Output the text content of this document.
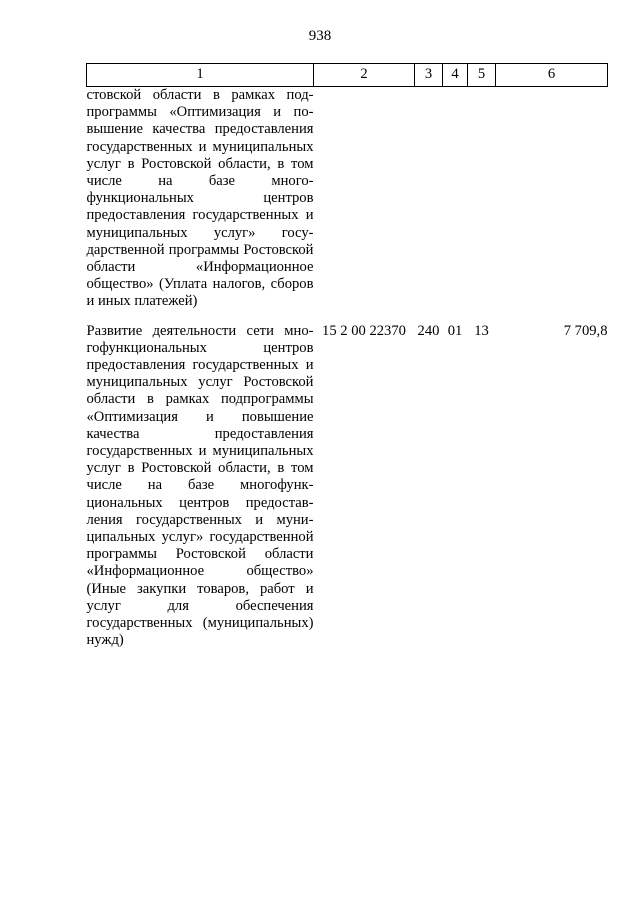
938
1	2	3	4	5	6
стовской области в рамках подпрограммы «Оптимизация и повышение качества предоставления государственных и муниципальных услуг в Ростовской области, в том числе на базе многофункциональных центров предоставления государственных и муниципальных услуг» государственной программы Ростовской области «Информационное общество» (Уплата налогов, сборов и иных платежей)					
Развитие деятельности сети многофункциональных центров предоставления государственных и муниципальных услуг Ростовской области в рамках подпрограммы «Оптимизация и повышение качества предоставления государственных и муниципальных услуг в Ростовской области, в том числе на базе многофункциональных центров предоставления государственных и муниципальных услуг» государственной программы Ростовской области «Информационное общество» (Иные закупки товаров, работ и услуг для обеспечения государственных (муниципальных) нужд)	15 2 00 22370	240	01	13	7 709,8
